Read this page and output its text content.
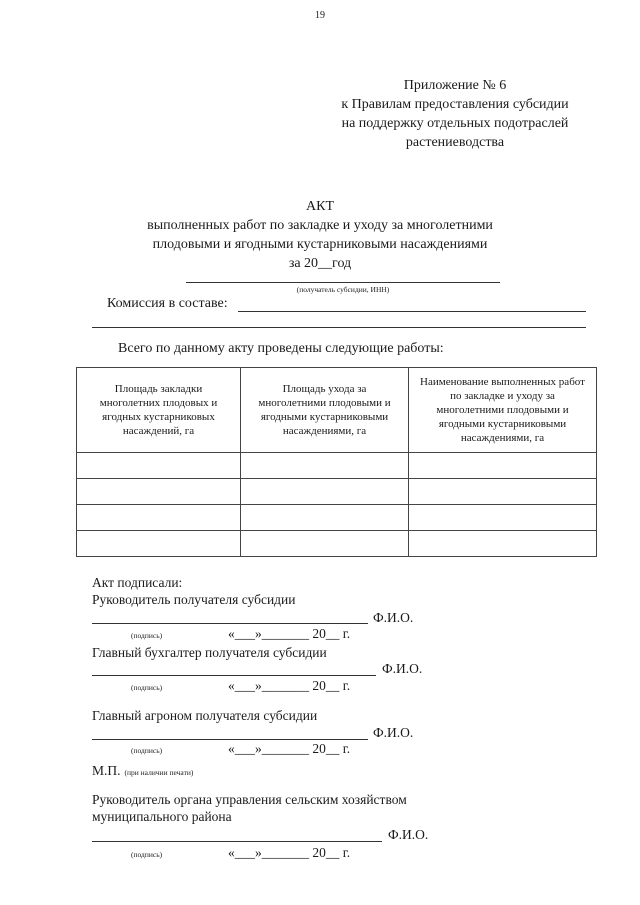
19
Приложение № 6
к Правилам предоставления субсидии
на поддержку отдельных подотраслей
растениеводства
АКТ
выполненных работ по закладке и уходу за многолетними
плодовыми и ягодными кустарниковыми насаждениями
за 20__год
(получатель субсидии, ИНН)
Комиссия в составе:
Всего по данному акту проведены следующие работы:
Площадь закладки многолетних плодовых и ягодных кустарниковых насаждений, га	Площадь ухода за многолетними плодовыми и ягодными кустарниковыми насаждениями, га	Наименование выполненных работ по закладке и уходу за многолетними плодовыми и ягодными кустарниковыми насаждениями, га

Акт подписали:
Руководитель получателя субсидии
Ф.И.О.
(подпись)	«___»_______ 20__ г.
Главный бухгалтер получателя субсидии
Ф.И.О.
(подпись)	«___»_______ 20__ г.
Главный агроном получателя субсидии
Ф.И.О.
(подпись)	«___»_______ 20__ г.
М.П. (при наличии печати)
Руководитель органа управления сельским хозяйством
муниципального района
Ф.И.О.
(подпись)	«___»_______ 20__ г.
